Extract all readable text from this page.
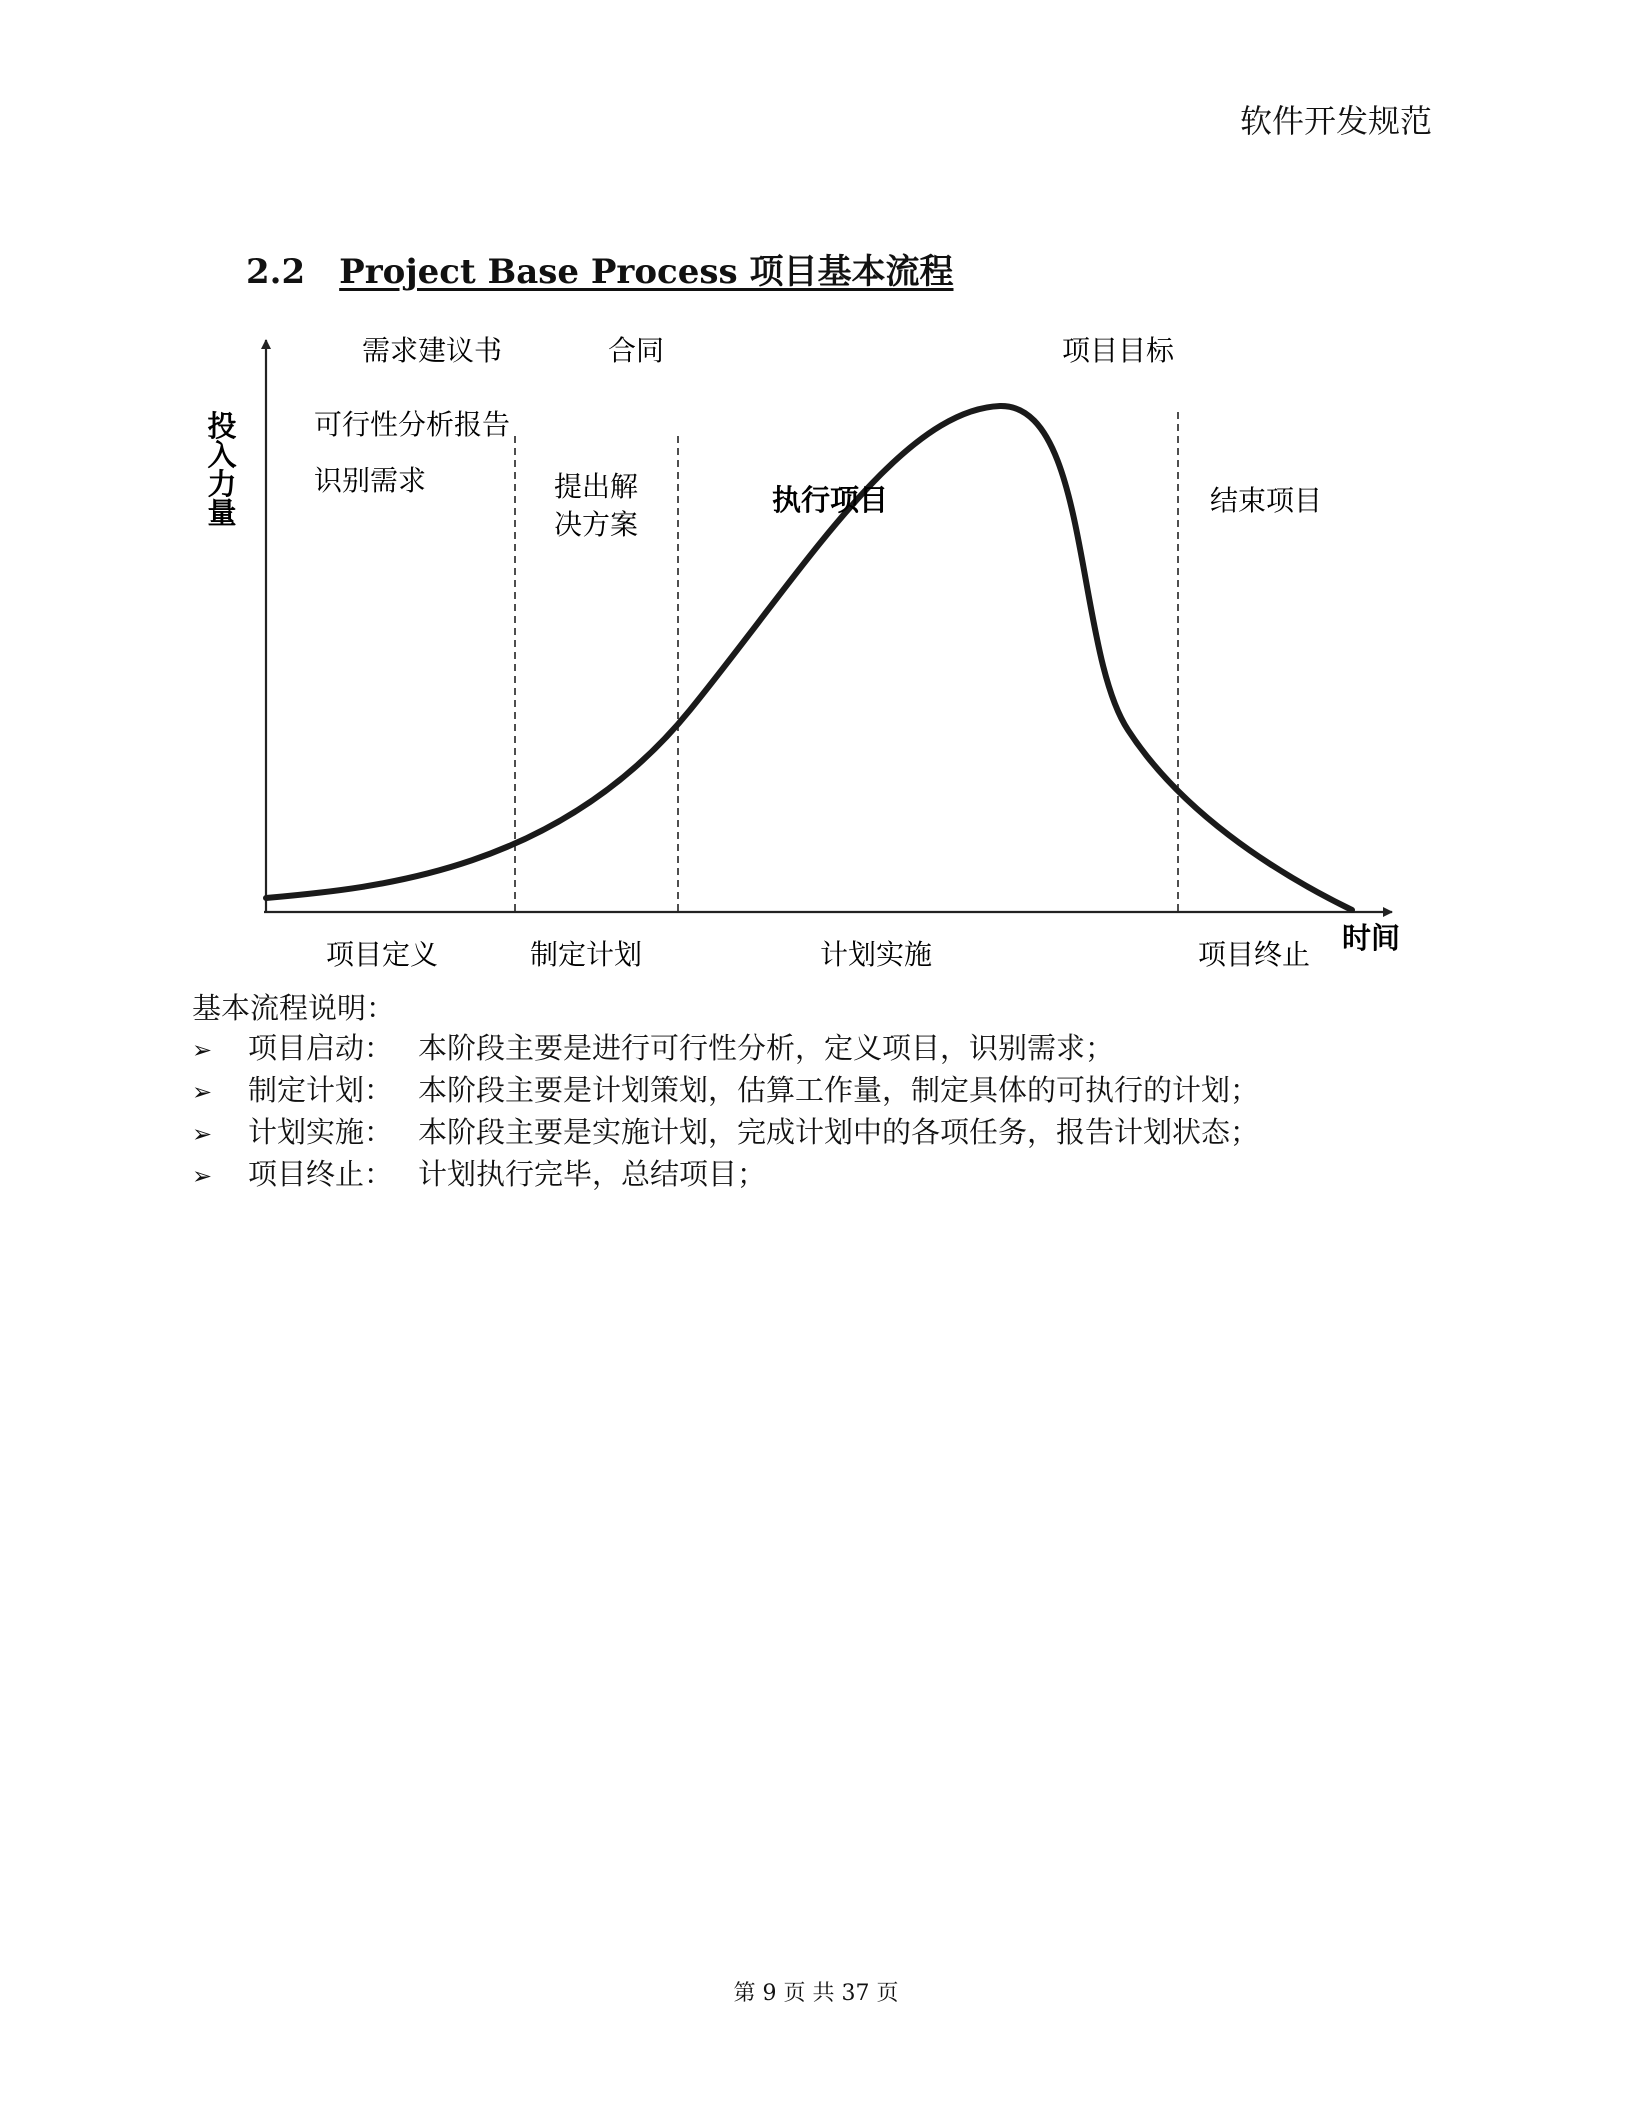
软件开发规范
2.2 Project Base Process 项目基本流程
投
入
力
量
时间
需求建议书	合同	项目目标
可行性分析报告
识别需求	提出解
决方案
执行项目	结束项目
项目定义	制定计划	计划实施	项目终止
基本流程说明：
➢ 项目启动： 本阶段主要是进行可行性分析，定义项目，识别需求；
➢ 制定计划： 本阶段主要是计划策划，估算工作量，制定具体的可执行的计划；
➢ 计划实施： 本阶段主要是实施计划，完成计划中的各项任务，报告计划状态；
➢ 项目终止： 计划执行完毕，总结项目；
第 9 页 共 37 页
